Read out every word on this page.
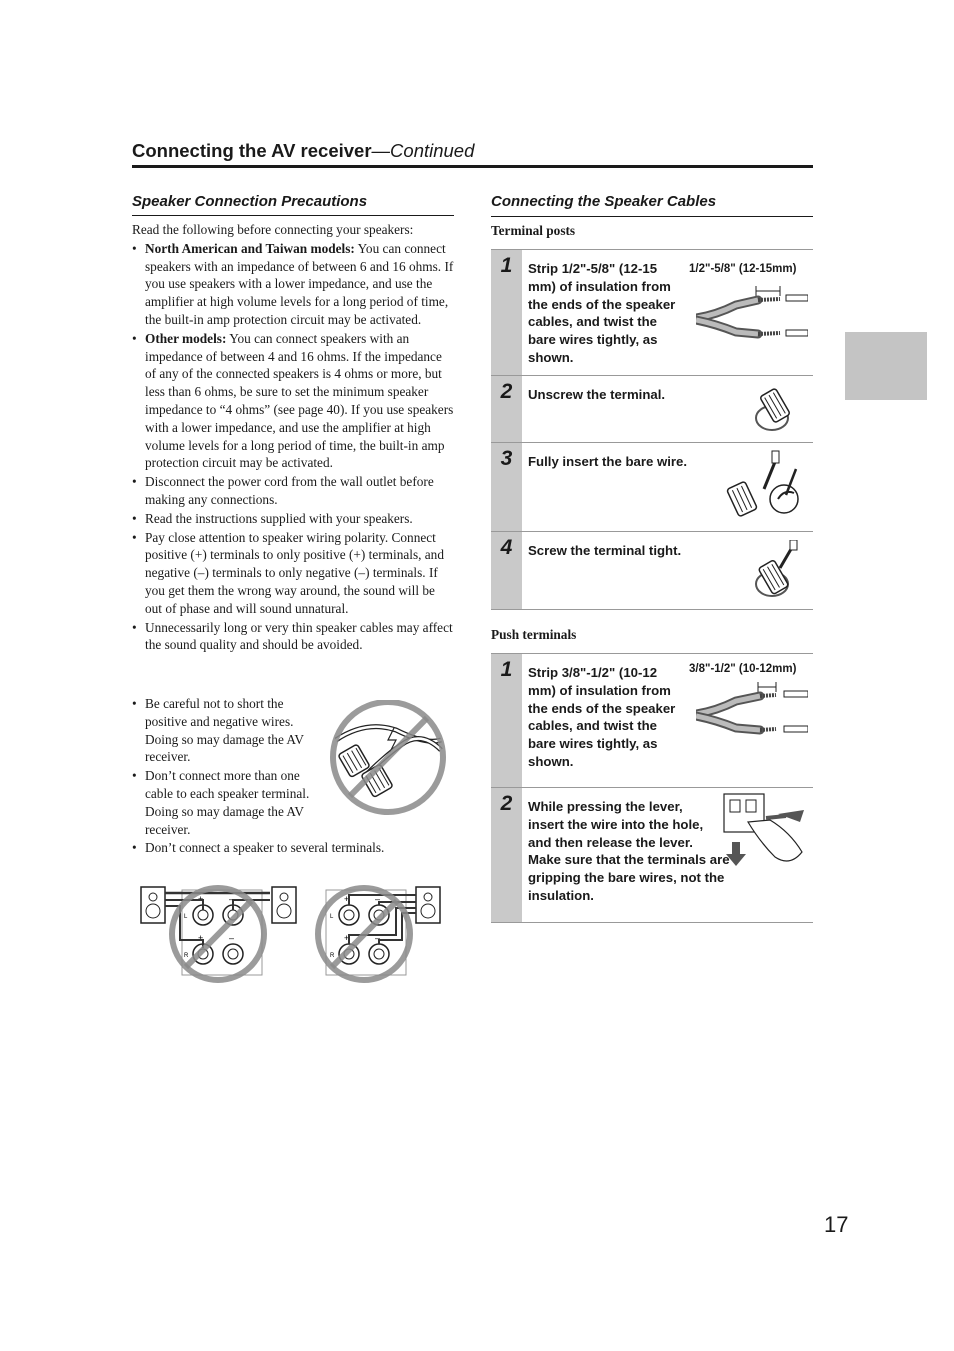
Connecting the AV receiver—Continued
Speaker Connection Precautions
Read the following before connecting your speakers:
• North American and Taiwan models: You can connect speakers with an impedance of between 6 and 16 ohms. If you use speakers with a lower impedance, and use the amplifier at high volume levels for a long period of time, the built-in amp protection circuit may be activated.
• Other models: You can connect speakers with an impedance of between 4 and 16 ohms. If the impedance of any of the connected speakers is 4 ohms or more, but less than 6 ohms, be sure to set the minimum speaker impedance to “4 ohms” (see page 40). If you use speakers with a lower impedance, and use the amplifier at high volume levels for a long period of time, the built-in amp protection circuit may be activated.
• Disconnect the power cord from the wall outlet before making any connections.
• Read the instructions supplied with your speakers.
• Pay close attention to speaker wiring polarity. Connect positive (+) terminals to only positive (+) terminals, and negative (–) terminals to only negative (–) terminals. If you get them the wrong way around, the sound will be out of phase and will sound unnatural.
• Unnecessarily long or very thin speaker cables may affect the sound quality and should be avoided.
• Be careful not to short the positive and negative wires. Doing so may damage the AV receiver.
• Don’t connect more than one cable to each speaker terminal. Doing so may damage the AV receiver.
• Don’t connect a speaker to several terminals.
+	–
L
R
+	–
+	–
L
R
+	–
Connecting the Speaker Cables
Terminal posts
1	Strip 1/2"-5/8" (12-15 mm) of insulation from the ends of the speaker cables, and twist the bare wires tightly, as shown.
1/2"-5/8" (12-15mm)
2	Unscrew the terminal.
3	Fully insert the bare wire.
4	Screw the terminal tight.
Push terminals
1	Strip 3/8"-1/2" (10-12 mm) of insulation from the ends of the speaker cables, and twist the bare wires tightly, as shown.
3/8"-1/2" (10-12mm)
2	While pressing the lever, insert the wire into the hole, and then release the lever.
Make sure that the terminals are gripping the bare wires, not the insulation.
17
